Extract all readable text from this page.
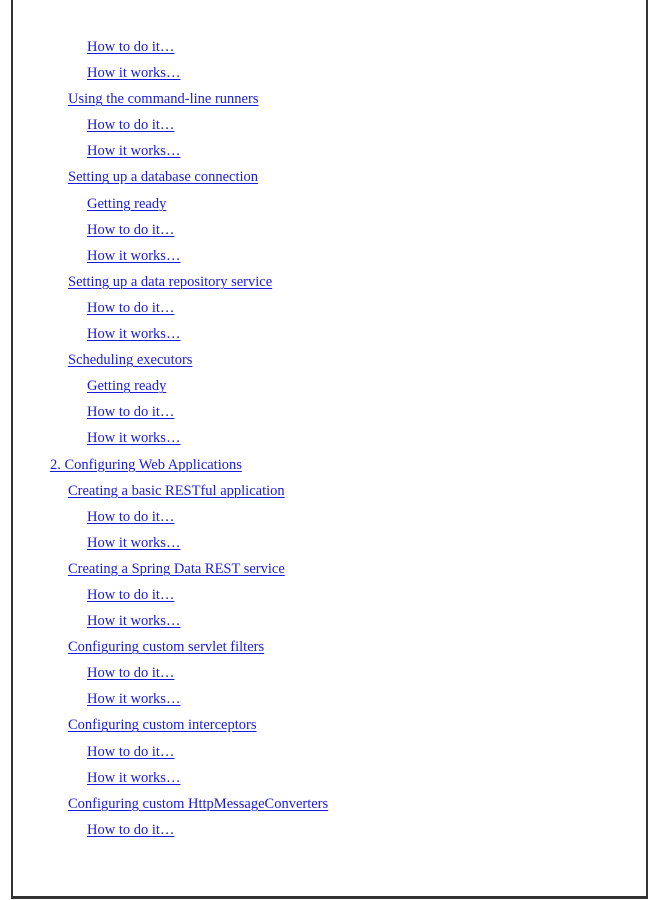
How to do it…
How it works…
Using the command-line runners
How to do it…
How it works…
Setting up a database connection
Getting ready
How to do it…
How it works…
Setting up a data repository service
How to do it…
How it works…
Scheduling executors
Getting ready
How to do it…
How it works…
2. Configuring Web Applications
Creating a basic RESTful application
How to do it…
How it works…
Creating a Spring Data REST service
How to do it…
How it works…
Configuring custom servlet filters
How to do it…
How it works…
Configuring custom interceptors
How to do it…
How it works…
Configuring custom HttpMessageConverters
How to do it…
